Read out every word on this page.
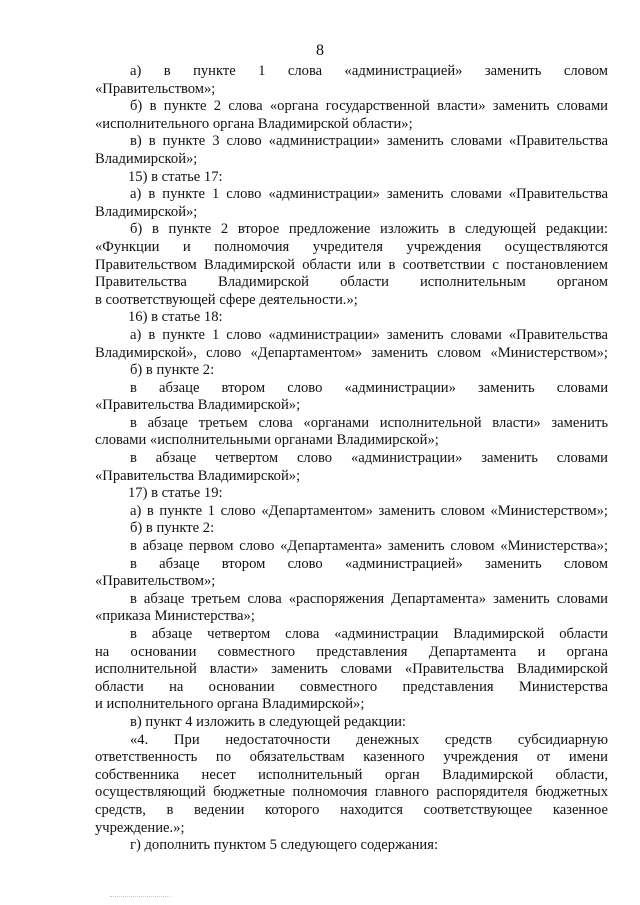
8
а) в пункте 1 слова «администрацией» заменить словом
«Правительством»;
б) в пункте 2 слова «органа государственной власти» заменить словами
«исполнительного органа Владимирской области»;
в) в пункте 3 слово «администрации» заменить словами «Правительства
Владимирской»;
15) в статье 17:
а) в пункте 1 слово «администрации» заменить словами «Правительства
Владимирской»;
б) в пункте 2 второе предложение изложить в следующей редакции:
«Функции и полномочия учредителя учреждения осуществляются
Правительством Владимирской области или в соответствии с постановлением
Правительства Владимирской области исполнительным органом
в соответствующей сфере деятельности.»;
16) в статье 18:
а) в пункте 1 слово «администрации» заменить словами «Правительства
Владимирской», слово «Департаментом» заменить словом «Министерством»;
б) в пункте 2:
в абзаце втором слово «администрации» заменить словами
«Правительства Владимирской»;
в абзаце третьем слова «органами исполнительной власти» заменить
словами «исполнительными органами Владимирской»;
в абзаце четвертом слово «администрации» заменить словами
«Правительства Владимирской»;
17) в статье 19:
а) в пункте 1 слово «Департаментом» заменить словом «Министерством»;
б) в пункте 2:
в абзаце первом слово «Департамента» заменить словом «Министерства»;
в абзаце втором слово «администрацией» заменить словом
«Правительством»;
в абзаце третьем слова «распоряжения Департамента» заменить словами
«приказа Министерства»;
в абзаце четвертом слова «администрации Владимирской области
на основании совместного представления Департамента и органа
исполнительной власти» заменить словами «Правительства Владимирской
области на основании совместного представления Министерства
и исполнительного органа Владимирской»;
в) пункт 4 изложить в следующей редакции:
«4. При недостаточности денежных средств субсидиарную
ответственность по обязательствам казенного учреждения от имени
собственника несет исполнительный орган Владимирской области,
осуществляющий бюджетные полномочия главного распорядителя бюджетных
средств, в ведении которого находится соответствующее казенное
учреждение.»;
г) дополнить пунктом 5 следующего содержания:
